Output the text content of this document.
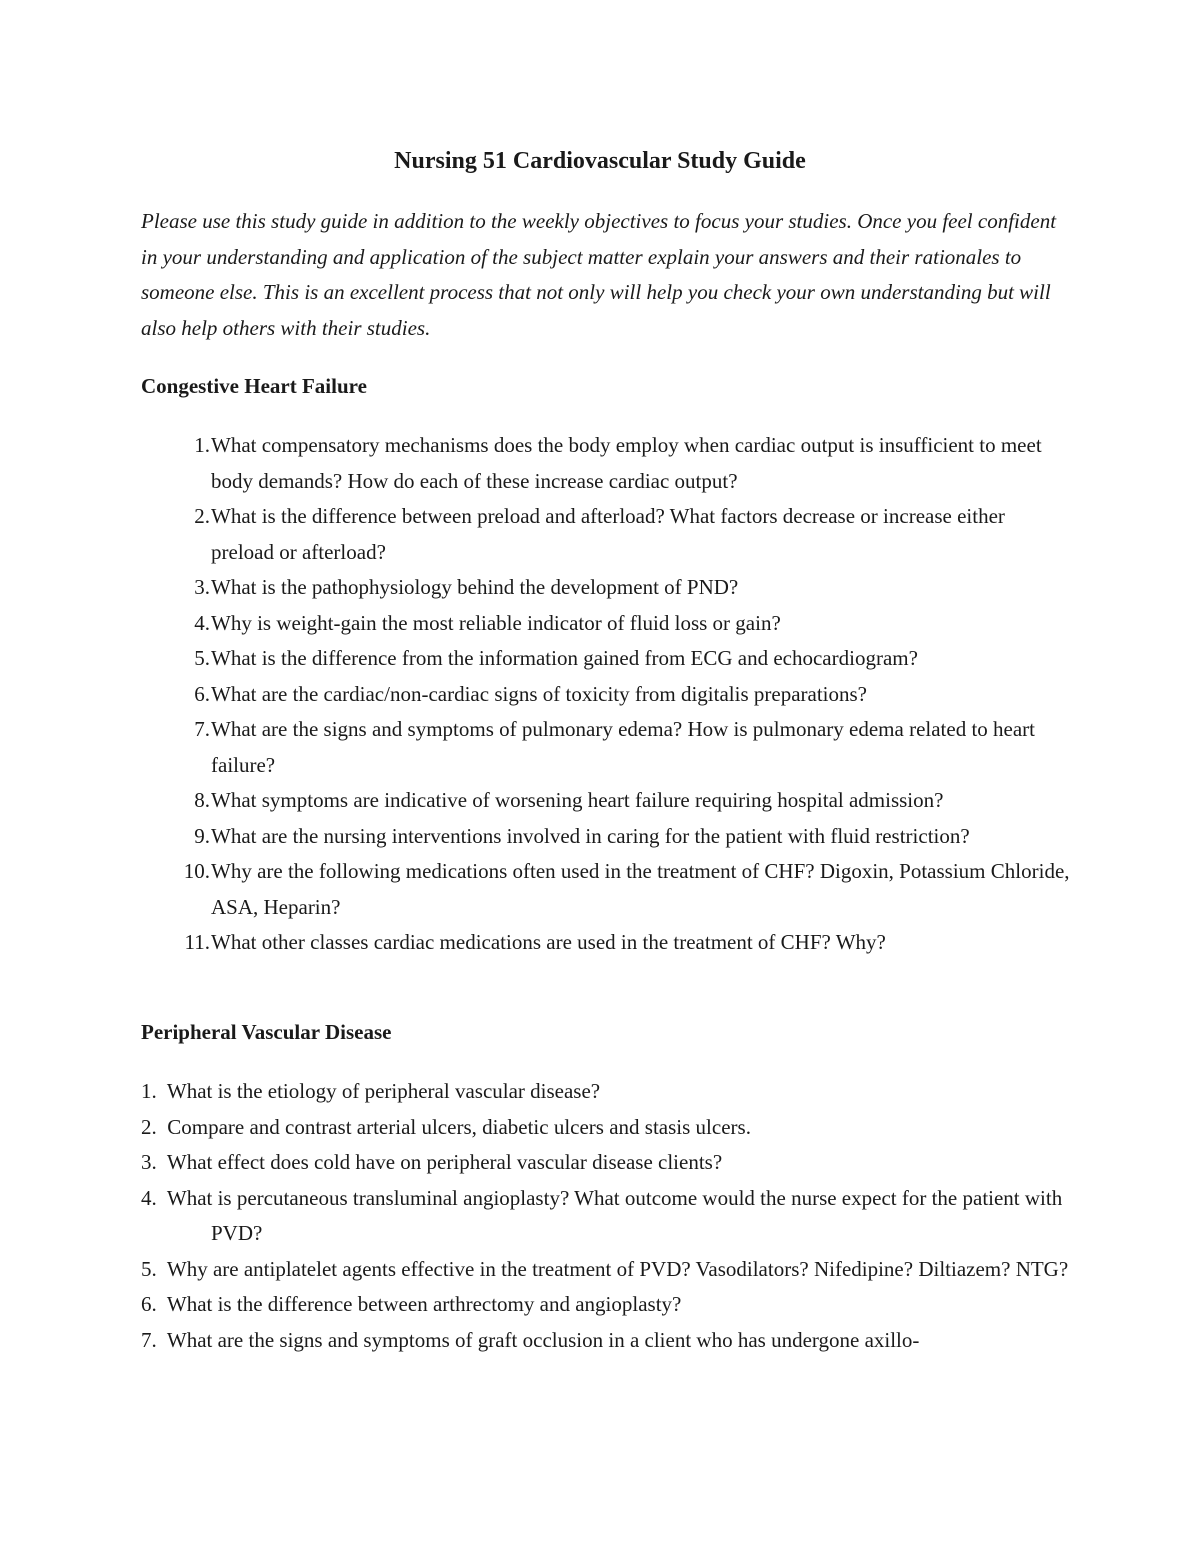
Nursing 51 Cardiovascular Study Guide
Please use this study guide in addition to the weekly objectives to focus your studies. Once you feel confident in your understanding and application of the subject matter explain your answers and their rationales to someone else. This is an excellent process that not only will help you check your own understanding but will also help others with their studies.
Congestive Heart Failure
1. What compensatory mechanisms does the body employ when cardiac output is insufficient to meet body demands? How do each of these increase cardiac output?
2. What is the difference between preload and afterload? What factors decrease or increase either preload or afterload?
3. What is the pathophysiology behind the development of PND?
4. Why is weight-gain the most reliable indicator of fluid loss or gain?
5. What is the difference from the information gained from ECG and echocardiogram?
6. What are the cardiac/non-cardiac signs of toxicity from digitalis preparations?
7. What are the signs and symptoms of pulmonary edema? How is pulmonary edema related to heart failure?
8. What symptoms are indicative of worsening heart failure requiring hospital admission?
9. What are the nursing interventions involved in caring for the patient with fluid restriction?
10. Why are the following medications often used in the treatment of CHF? Digoxin, Potassium Chloride, ASA, Heparin?
11. What other classes cardiac medications are used in the treatment of CHF? Why?
Peripheral Vascular Disease
1. What is the etiology of peripheral vascular disease?
2. Compare and contrast arterial ulcers, diabetic ulcers and stasis ulcers.
3. What effect does cold have on peripheral vascular disease clients?
4. What is percutaneous transluminal angioplasty? What outcome would the nurse expect for the patient with PVD?
5. Why are antiplatelet agents effective in the treatment of PVD? Vasodilators? Nifedipine? Diltiazem? NTG?
6. What is the difference between arthrectomy and angioplasty?
7. What are the signs and symptoms of graft occlusion in a client who has undergone axillo-
